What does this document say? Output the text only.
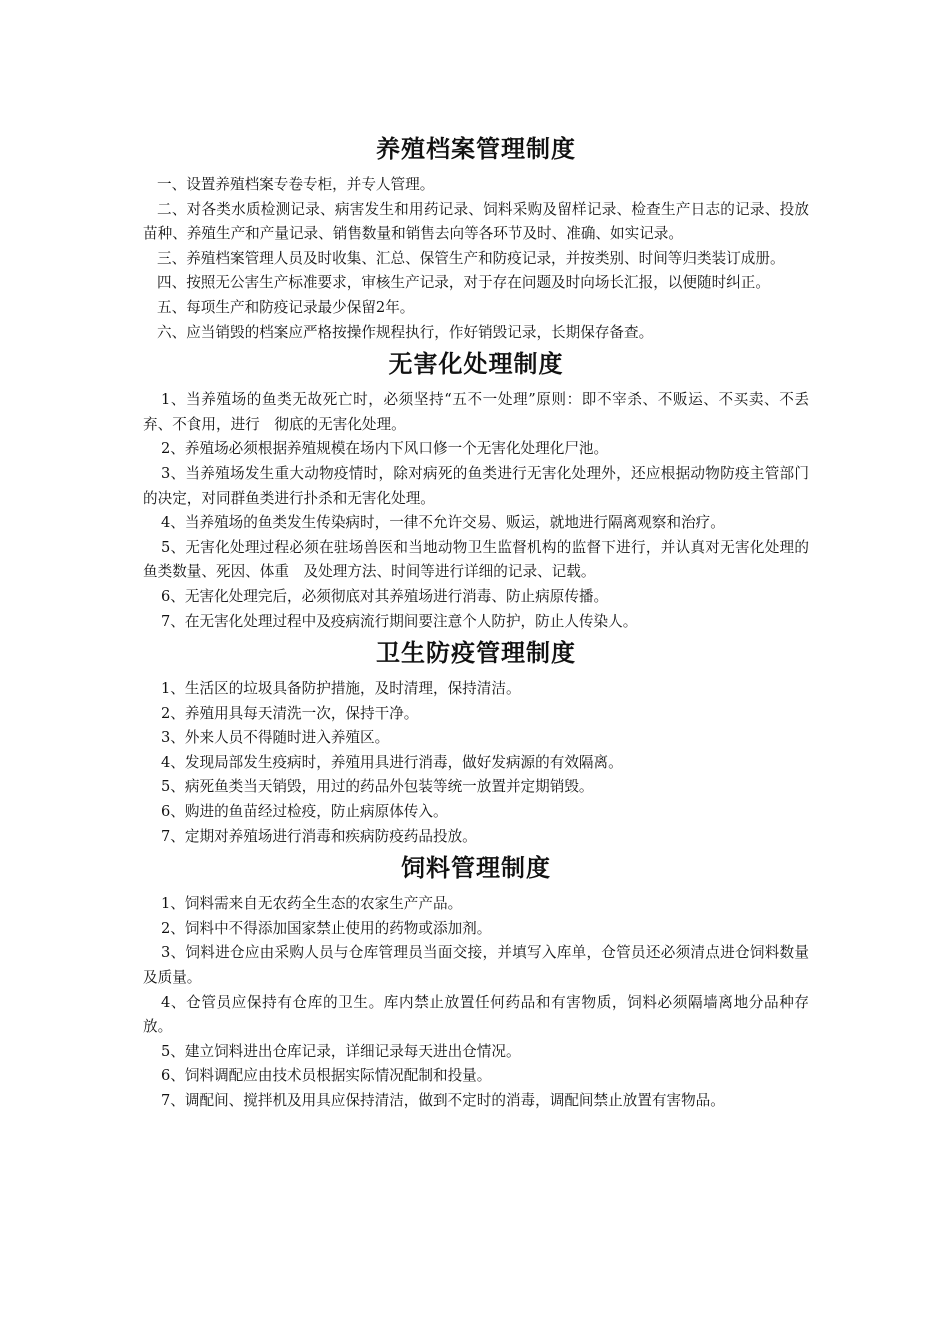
养殖档案管理制度

一、设置养殖档案专卷专柜，并专人管理。

二、对各类水质检测记录、病害发生和用药记录、饲料采购及留样记录、检查生产日志的记录、投放苗种、养殖生产和产量记录、销售数量和销售去向等各环节及时、准确、如实记录。

三、养殖档案管理人员及时收集、汇总、保管生产和防疫记录，并按类别、时间等归类装订成册。

四、按照无公害生产标准要求，审核生产记录，对于存在问题及时向场长汇报，以便随时纠正。

五、每项生产和防疫记录最少保留2年。

六、应当销毁的档案应严格按操作规程执行，作好销毁记录，长期保存备查。

无害化处理制度

1、当养殖场的鱼类无故死亡时，必须坚持“五不一处理”原则：即不宰杀、不贩运、不买卖、不丢弃、不食用，进行　彻底的无害化处理。

2、养殖场必须根据养殖规模在场内下风口修一个无害化处理化尸池。

3、当养殖场发生重大动物疫情时，除对病死的鱼类进行无害化处理外，还应根据动物防疫主管部门的决定，对同群鱼类进行扑杀和无害化处理。

4、当养殖场的鱼类发生传染病时，一律不允许交易、贩运，就地进行隔离观察和治疗。

5、无害化处理过程必须在驻场兽医和当地动物卫生监督机构的监督下进行，并认真对无害化处理的鱼类数量、死因、体重　及处理方法、时间等进行详细的记录、记载。

6、无害化处理完后，必须彻底对其养殖场进行消毒、防止病原传播。

7、在无害化处理过程中及疫病流行期间要注意个人防护，防止人传染人。

卫生防疫管理制度

1、生活区的垃圾具备防护措施，及时清理，保持清洁。

2、养殖用具每天清洗一次，保持干净。

3、外来人员不得随时进入养殖区。

4、发现局部发生疫病时，养殖用具进行消毒，做好发病源的有效隔离。

5、病死鱼类当天销毁，用过的药品外包装等统一放置并定期销毁。

6、购进的鱼苗经过检疫，防止病原体传入。

7、定期对养殖场进行消毒和疾病防疫药品投放。

饲料管理制度

1、饲料需来自无农药全生态的农家生产产品。

2、饲料中不得添加国家禁止使用的药物或添加剂。

3、饲料进仓应由采购人员与仓库管理员当面交接，并填写入库单，仓管员还必须清点进仓饲料数量及质量。

4、仓管员应保持有仓库的卫生。库内禁止放置任何药品和有害物质，饲料必须隔墙离地分品种存放。

5、建立饲料进出仓库记录，详细记录每天进出仓情况。

6、饲料调配应由技术员根据实际情况配制和投量。

7、调配间、搅拌机及用具应保持清洁，做到不定时的消毒，调配间禁止放置有害物品。
